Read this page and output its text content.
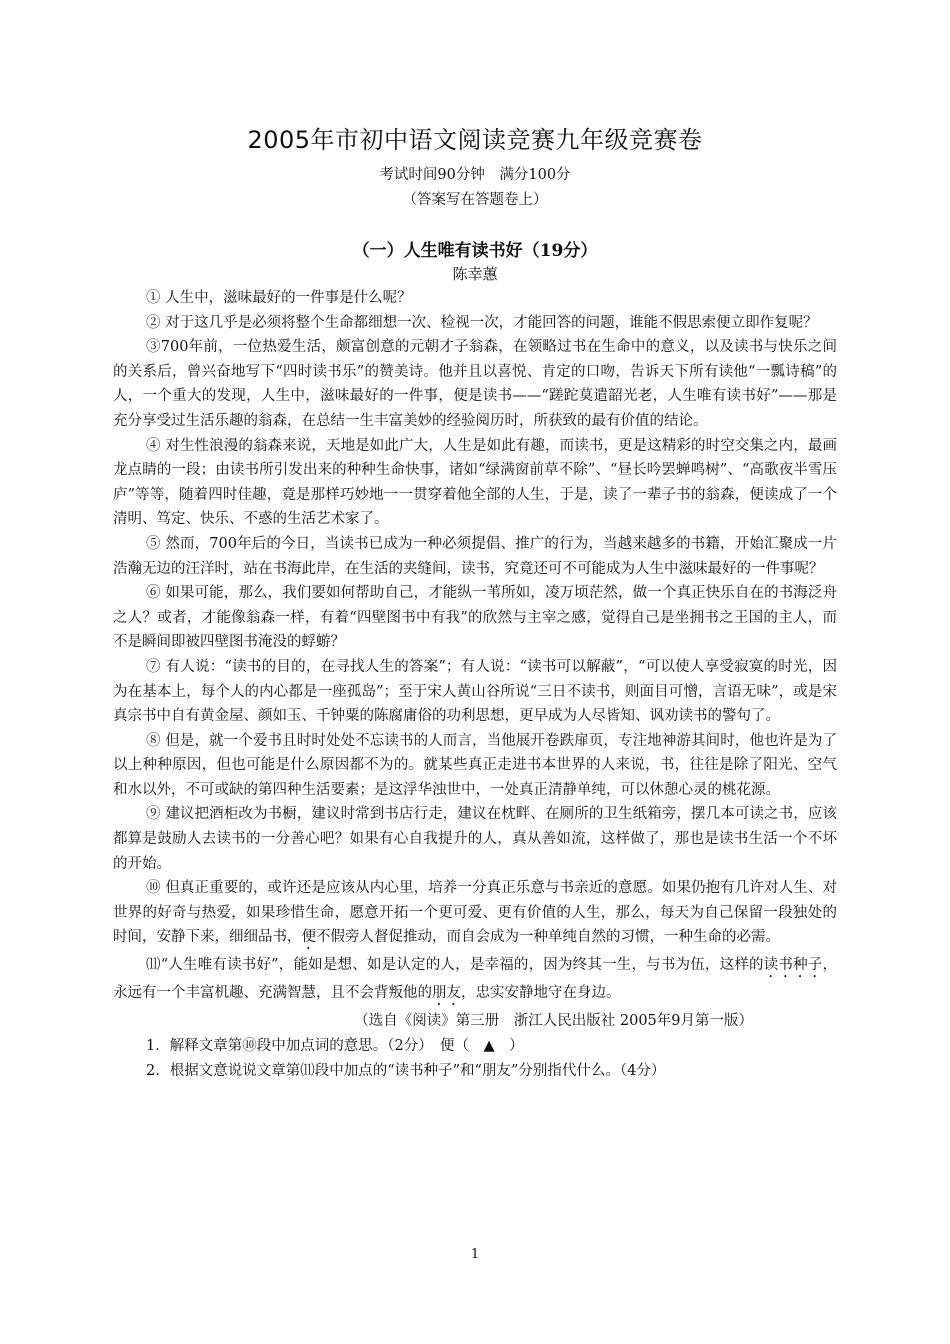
2005年市初中语文阅读竞赛九年级竞赛卷
考试时间90分钟　满分100分
（答案写在答题卷上）
（一）人生唯有读书好（19分）
陈幸蕙

① 人生中，滋味最好的一件事是什么呢？

② 对于这几乎是必须将整个生命都细想一次、检视一次，才能回答的问题，谁能不假思索便立即作复呢？

③700年前，一位热爱生活，颇富创意的元朝才子翁森，在领略过书在生命中的意义，以及读书与快乐之间的关系后，曾兴奋地写下“四时读书乐”的赞美诗。他并且以喜悦、肯定的口吻，告诉天下所有读他“一瓢诗稿”的人，一个重大的发现，人生中，滋味最好的一件事，便是读书——“蹉跎莫遣韶光老，人生唯有读书好”——那是充分享受过生活乐趣的翁森，在总结一生丰富美妙的经验阅历时，所获致的最有价值的结论。

④ 对生性浪漫的翁森来说，天地是如此广大，人生是如此有趣，而读书，更是这精彩的时空交集之内，最画龙点睛的一段；由读书所引发出来的种种生命快事，诸如“绿满窗前草不除”、“昼长吟罢蝉鸣树”、“高歌夜半雪压庐”等等，随着四时佳趣，竟是那样巧妙地一一贯穿着他全部的人生，于是，读了一辈子书的翁森，便读成了一个清明、笃定、快乐、不惑的生活艺术家了。

⑤ 然而，700年后的今日，当读书已成为一种必须提倡、推广的行为，当越来越多的书籍，开始汇聚成一片浩瀚无边的汪洋时，站在书海此岸，在生活的夹缝间，读书，究竟还可不可能成为人生中滋味最好的一件事呢？

⑥ 如果可能，那么，我们要如何帮助自己，才能纵一苇所如，凌万顷茫然，做一个真正快乐自在的书海泛舟之人？或者，才能像翁森一样，有着“四壁图书中有我”的欣然与主宰之感，觉得自己是坐拥书之王国的主人，而不是瞬间即被四壁图书淹没的蜉蝣？

⑦ 有人说：“读书的目的，在寻找人生的答案”；有人说：“读书可以解蔽”，“可以使人享受寂寞的时光，因为在基本上，每个人的内心都是一座孤岛”；至于宋人黄山谷所说“三日不读书，则面目可憎，言语无味”，或是宋真宗书中自有黄金屋、颜如玉、千钟粟的陈腐庸俗的功利思想，更早成为人尽皆知、讽劝读书的警句了。

⑧ 但是，就一个爱书且时时处处不忘读书的人而言，当他展开卷跌扉页，专注地神游其间时，他也许是为了以上种种原因，但也可能是什么原因都不为的。就某些真正走进书本世界的人来说，书，往往是除了阳光、空气和水以外，不可或缺的第四种生活要素；是这浮华浊世中，一处真正清静单纯，可以休憩心灵的桃花源。

⑨ 建议把酒柜改为书橱，建议时常到书店行走，建议在枕畔、在厕所的卫生纸箱旁，摆几本可读之书，应该都算是鼓励人去读书的一分善心吧？如果有心自我提升的人，真从善如流，这样做了，那也是读书生活一个不坏的开始。

⑩ 但真正重要的，或许还是应该从内心里，培养一分真正乐意与书亲近的意愿。如果仍抱有几许对人生、对世界的好奇与热爱，如果珍惜生命，愿意开拓一个更可爱、更有价值的人生，那么，每天为自己保留一段独处的时间，安静下来，细细品书，便不假旁人督促推动，而自会成为一种单纯自然的习惯，一种生命的必需。

⑾“人生唯有读书好”，能如是想、如是认定的人，是幸福的，因为终其一生，与书为伍，这样的读书种子，永远有一个丰富机趣、充满智慧，且不会背叛他的朋友，忠实安静地守在身边。

（选自《阅读》第三册　浙江人民出版社 2005年9月第一版）

1．解释文章第⑩段中加点词的意思。（2分）　便（　▲　）

2．根据文意说说文章第⑾段中加点的“读书种子”和“朋友”分别指代什么。（4分）

1
